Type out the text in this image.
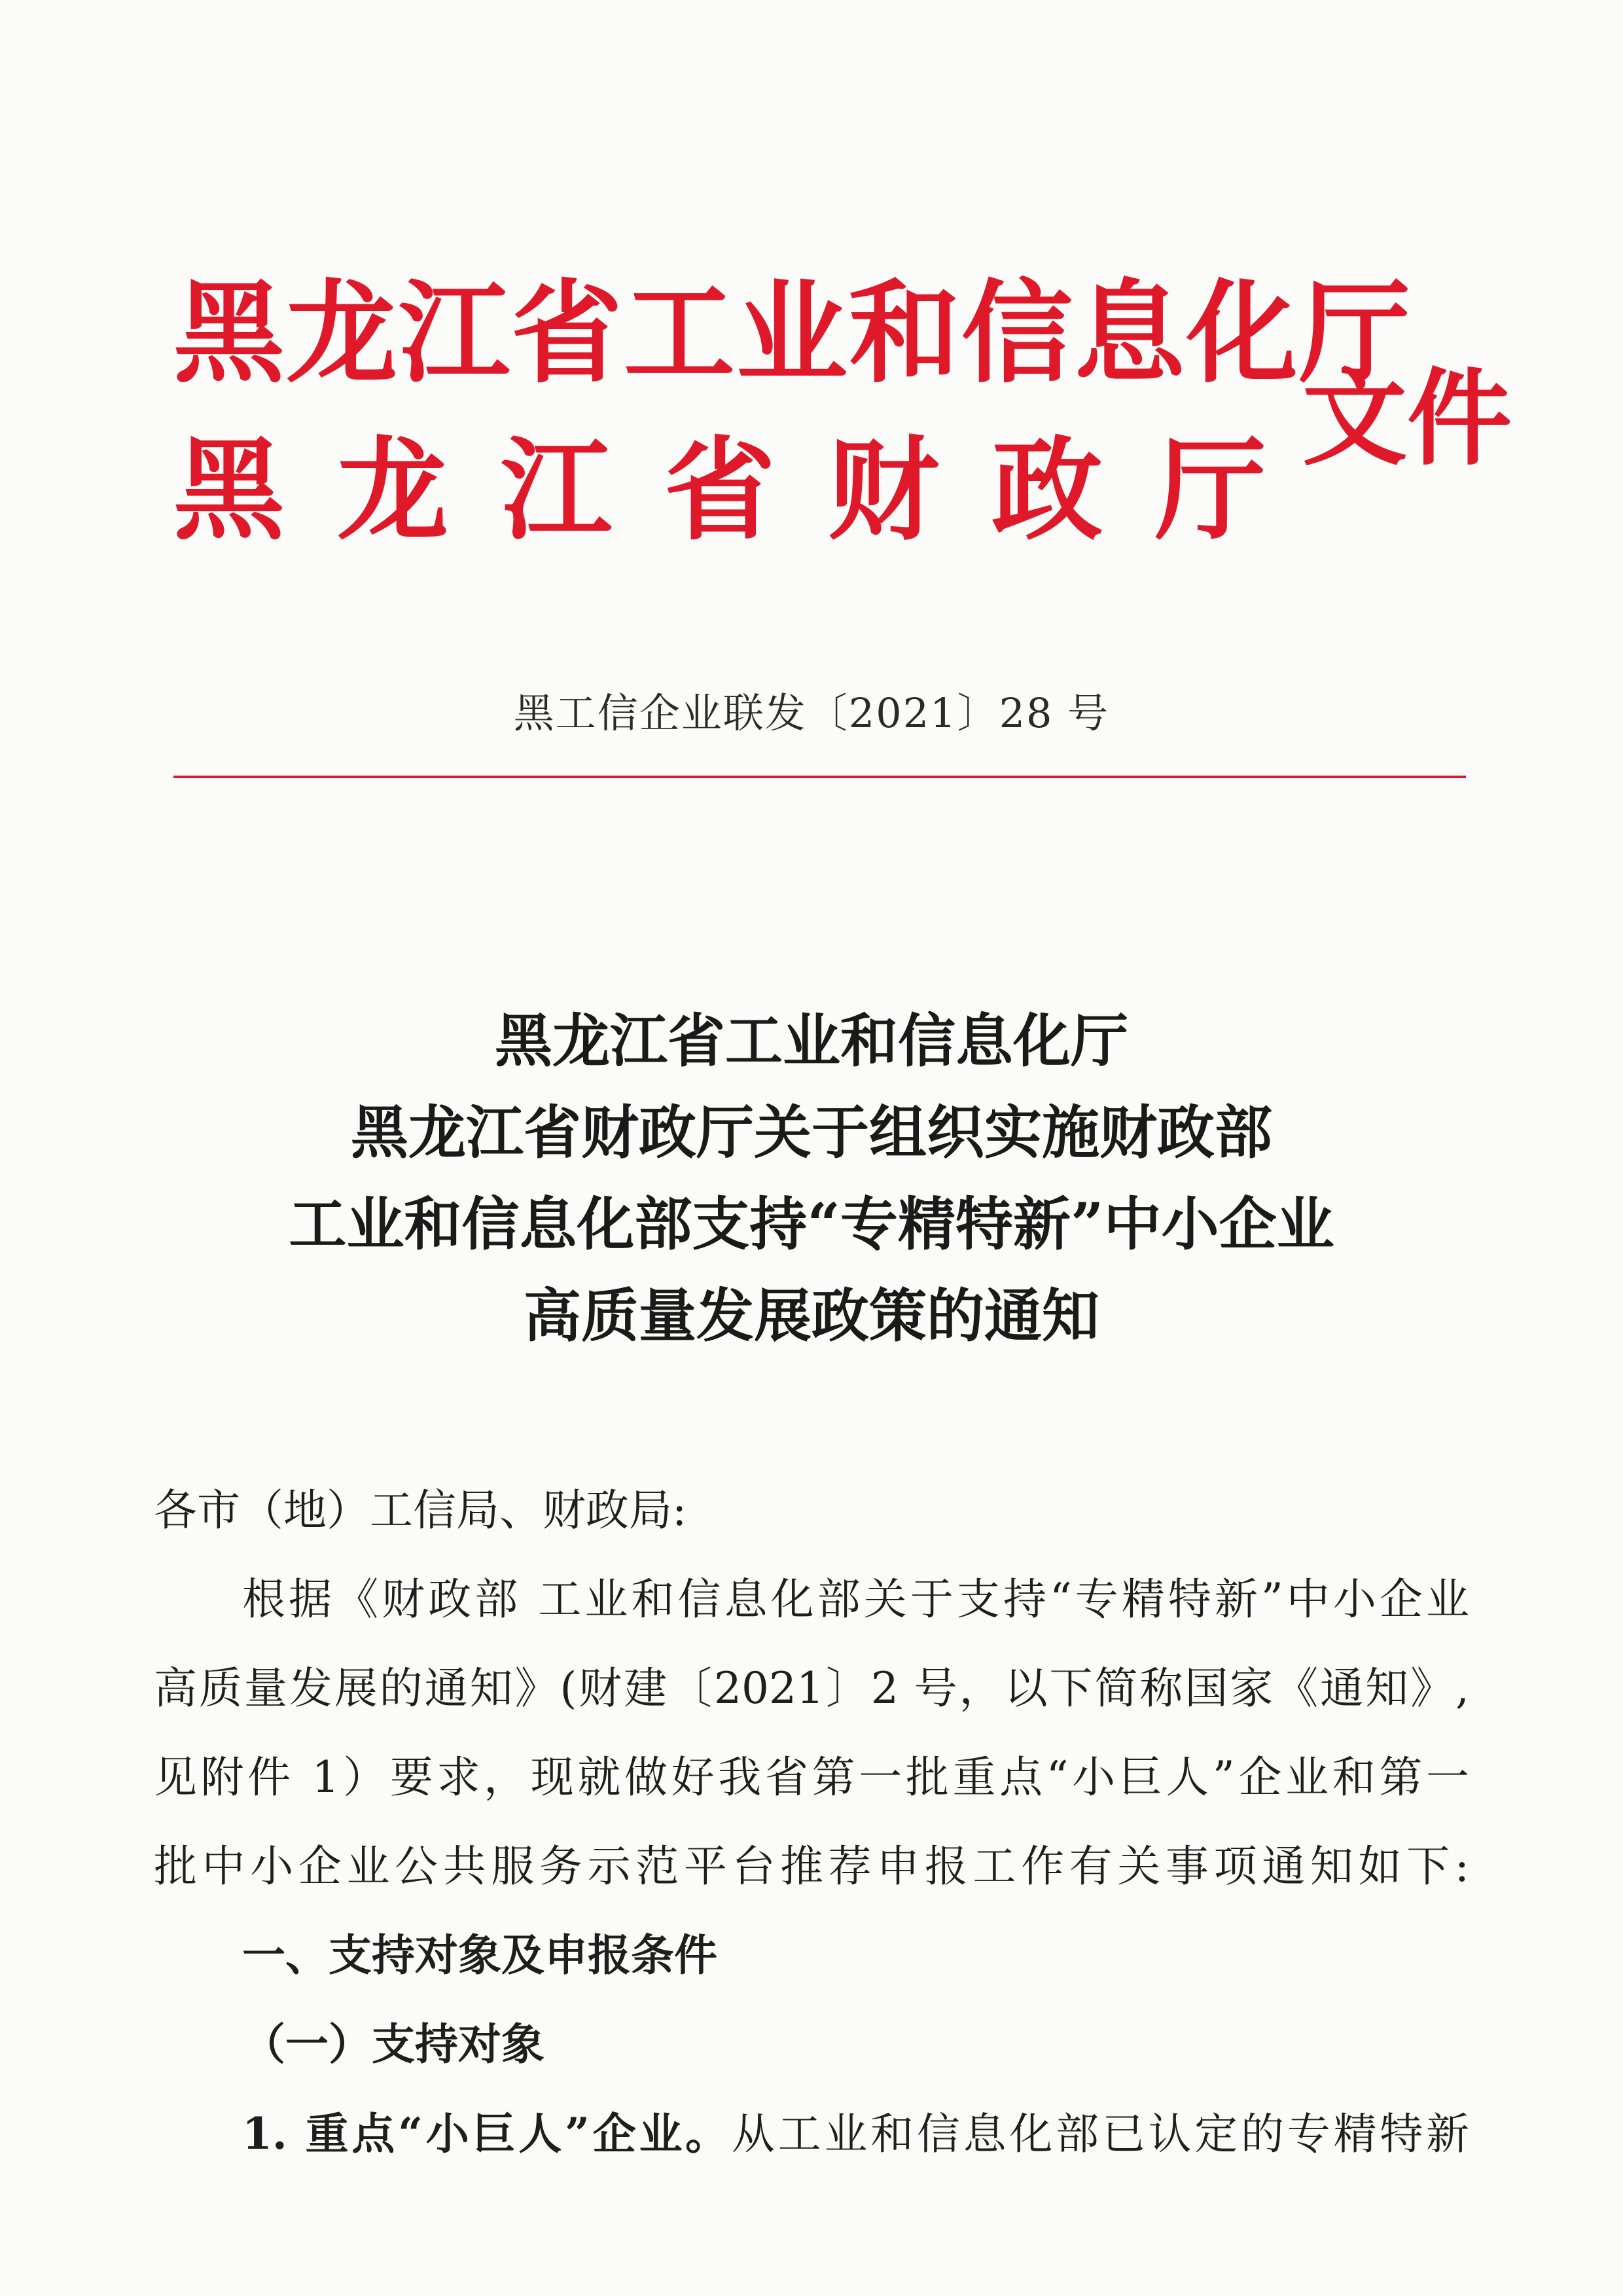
黑龙江省工业和信息化厅
黑 龙 江 省 财 政 厅
文件
黑工信企业联发〔2021〕28 号
黑龙江省工业和信息化厅
黑龙江省财政厅关于组织实施财政部
工业和信息化部支持“专精特新”中小企业
高质量发展政策的通知
各市（地）工信局、财政局:
根据《财政部 工业和信息化部关于支持“专精特新”中小企业
高质量发展的通知》(财建〔2021〕2 号，以下简称国家《通知》,
见附件 1）要求，现就做好我省第一批重点“小巨人”企业和第一
批中小企业公共服务示范平台推荐申报工作有关事项通知如下:
一、支持对象及申报条件
（一）支持对象
1. 重点“小巨人”企业。从工业和信息化部已认定的专精特新
